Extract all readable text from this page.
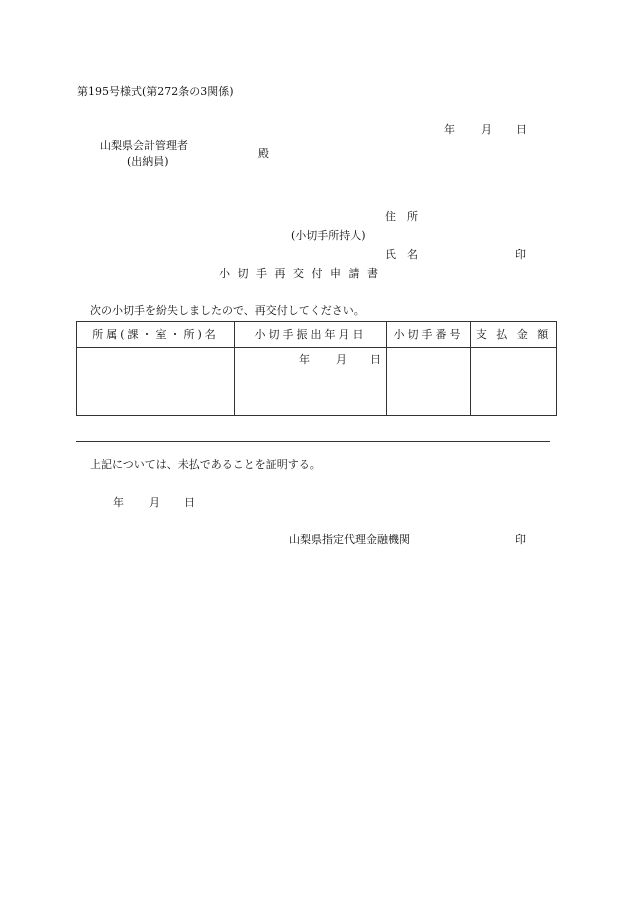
第195号様式(第272条の3関係)
年 月 日
山梨県会計管理者
(出納員)
殿
住　所
(小切手所持人)
氏　名	印
小 切 手 再 交 付 申 請 書
次の小切手を紛失しましたので、再交付してください。
所属(課・室・所)名	小切手振出年月日	小切手番号	支 払 金 額

	年 月 日		

上記については、未払であることを証明する。
年 月 日
山梨県指定代理金融機関	印
